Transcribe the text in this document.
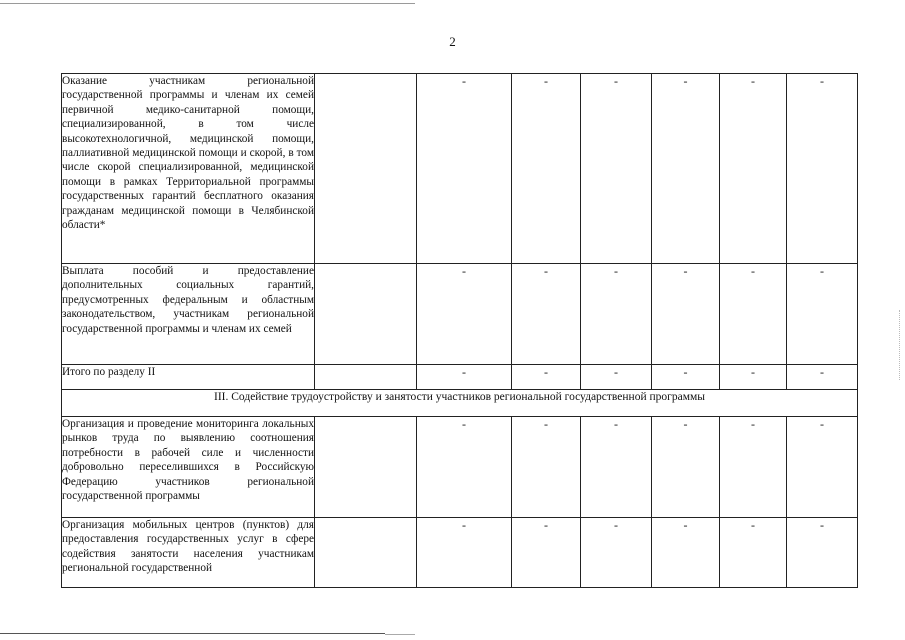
2
Оказание участникам региональной государственной программы и членам их семей первичной медико-санитарной помощи, специализированной, в том числе высокотехнологичной, медицинской помощи, паллиативной медицинской помощи и скорой, в том числе скорой специализированной, медицинской помощи в рамках Территориальной программы государственных гарантий бесплатного оказания гражданам медицинской помощи в Челябинской области*		-	-	-	-	-	-
Выплата пособий и предоставление дополнительных социальных гарантий, предусмотренных федеральным и областным законодательством, участникам региональной государственной программы и членам их семей		-	-	-	-	-	-
Итого по разделу II		-	-	-	-	-	-
III. Содействие трудоустройству и занятости участников региональной государственной программы							
Организация и проведение мониторинга локальных рынков труда по выявлению соотношения потребности в рабочей силе и численности добровольно переселившихся в Российскую Федерацию участников региональной государственной программы		-	-	-	-	-	-
Организация мобильных центров (пунктов) для предоставления государственных услуг в сфере содействия занятости населения участникам региональной государственной		-	-	-	-	-	-
